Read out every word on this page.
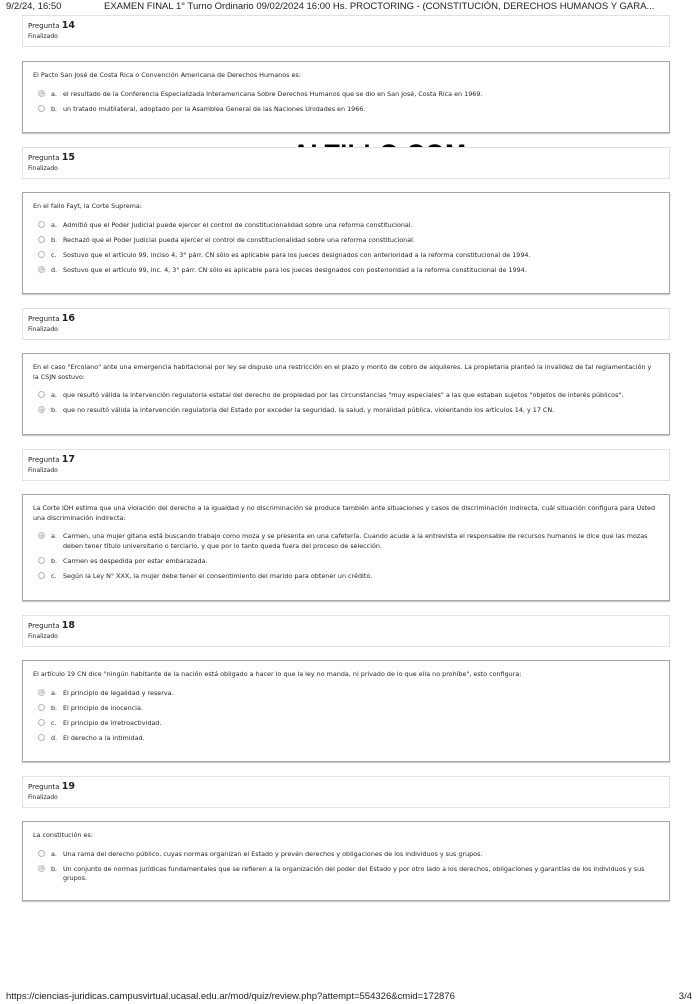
9/2/24, 16:50	EXAMEN FINAL 1° Turno Ordinario 09/02/2024 16:00 Hs. PROCTORING - (CONSTITUCIÓN, DERECHOS HUMANOS Y GARA...
Pregunta 14
Finalizado
El Pacto San José de Costa Rica o Convención Americana de Derechos Humanos es:
a. el resultado de la Conferencia Especializada Interamericana Sobre Derechos Humanos que se dio en San José, Costa Rica en 1969.
b. un tratado multilateral, adoptado por la Asamblea General de las Naciones Unidades en 1966.
Pregunta 15
Finalizado
En el fallo Fayt, la Corte Suprema:
a. Admitió que el Poder Judicial puede ejercer el control de constitucionalidad sobre una reforma constitucional.
b. Rechazó que el Poder Judicial pueda ejercer el control de constitucionalidad sobre una reforma constitucional.
c. Sostuvo que el artículo 99, inciso 4, 3° párr. CN sólo es aplicable para los jueces designados con anterioridad a la reforma constitucional de 1994.
d. Sostuvo que el artículo 99, inc. 4, 3° párr. CN sólo es aplicable para los jueces designados con posterioridad a la reforma constitucional de 1994.
Pregunta 16
Finalizado
En el caso "Ercolano" ante una emergencia habitacional por ley se dispuso una restricción en el plazo y monto de cobro de alquileres. La propietaria planteó la invalidez de tal reglamentación y la CSJN sostuvo:
a. que resultó válida la intervención regulatoria estatal del derecho de propiedad por las circunstancias "muy especiales" a las que estaban sujetos "objetos de interés públicos".
b. que no resultó válida la intervención regulatoria del Estado por exceder la seguridad, la salud, y moralidad pública, violentando los artículos 14, y 17 CN.
Pregunta 17
Finalizado
La Corte IDH estima que una violación del derecho a la igualdad y no discriminación se produce también ante situaciones y casos de discriminación indirecta, cuál situación configura para Usted una discriminación indirecta:
a. Carmen, una mujer gitana está buscando trabajo como moza y se presenta en una cafetería. Cuando acude a la entrevista el responsable de recursos humanos le dice que las mozas deben tener título universitario o terciario, y que por lo tanto queda fuera del proceso de selección.
b. Carmen es despedida por estar embarazada.
c. Según la Ley N° XXX, la mujer debe tener el consentimiento del marido para obtener un crédito.
Pregunta 18
Finalizado
El artículo 19 CN dice "ningún habitante de la nación está obligado a hacer lo que la ley no manda, ni privado de lo que ella no prohíbe", esto configura:
a. El principio de legalidad y reserva.
b. El principio de inocencia.
c. El principio de irretroactividad.
d. El derecho a la intimidad.
Pregunta 19
Finalizado
La constitución es:
a. Una rama del derecho público, cuyas normas organizan el Estado y prevén derechos y obligaciones de los individuos y sus grupos.
b. Un conjunto de normas jurídicas fundamentales que se refieren a la organización del poder del Estado y por otro lado a los derechos, obligaciones y garantías de los individuos y sus grupos.
https://ciencias-juridicas.campusvirtual.ucasal.edu.ar/mod/quiz/review.php?attempt=554326&cmid=172876	3/4
